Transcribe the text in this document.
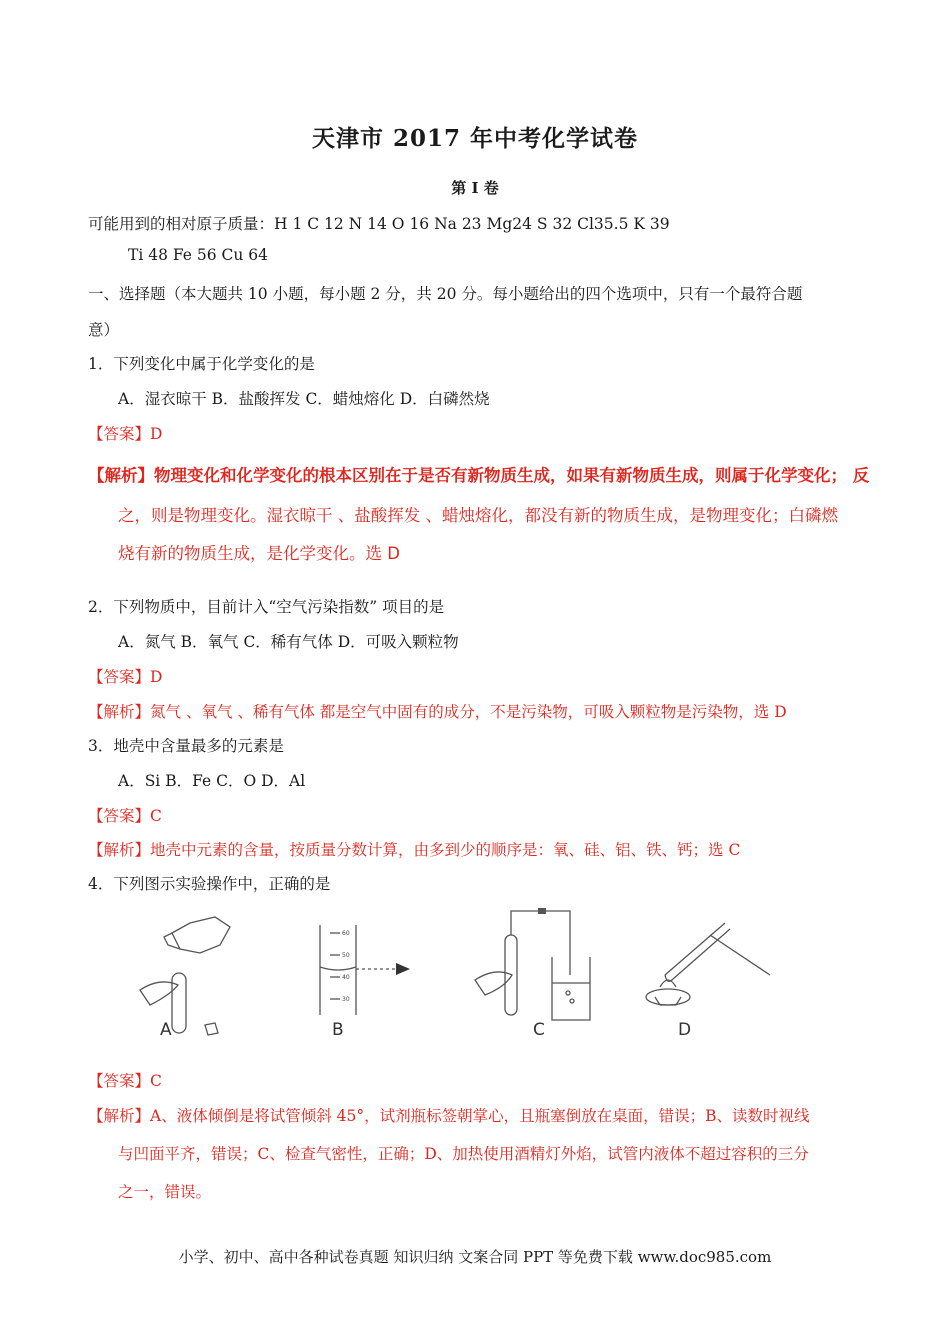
天津市 2017 年中考化学试卷
第 I 卷
可能用到的相对原子质量：H 1 C 12 N 14 O 16 Na 23 Mg24 S 32 Cl35.5 K 39
Ti 48 Fe 56 Cu 64
一、选择题（本大题共 10 小题，每小题 2 分，共 20 分。每小题给出的四个选项中，只有一个最符合题
意）
1．下列变化中属于化学变化的是
A．湿衣晾干 B．盐酸挥发 C．蜡烛熔化 D．白磷然烧
【答案】D
【解析】物理变化和化学变化的根本区别在于是否有新物质生成，如果有新物质生成，则属于化学变化； 反
之，则是物理变化。湿衣晾干 、盐酸挥发 、蜡烛熔化，都没有新的物质生成，是物理变化；白磷燃
烧有新的物质生成，是化学变化。选 D
2．下列物质中，目前计入“空气污染指数” 项目的是
A．氮气 B．氧气 C．稀有气体 D．可吸入颗粒物
【答案】D
【解析】氮气 、氧气 、稀有气体 都是空气中固有的成分，不是污染物，可吸入颗粒物是污染物，选 D
3．地壳中含量最多的元素是
A．Si B．Fe C．O D．Al
【答案】C
【解析】地壳中元素的含量，按质量分数计算，由多到少的顺序是：氧、硅、铝、铁、钙；选 C
4．下列图示实验操作中，正确的是
A
60
50
40
30
B	C	D
【答案】C
【解析】A、液体倾倒是将试管倾斜 45°，试剂瓶标签朝掌心，且瓶塞倒放在桌面，错误；B、读数时视线
与凹面平齐，错误；C、检查气密性，正确；D、加热使用酒精灯外焰，试管内液体不超过容积的三分
之一，错误。
小学、初中、高中各种试卷真题 知识归纳 文案合同 PPT 等免费下载 www.doc985.com
